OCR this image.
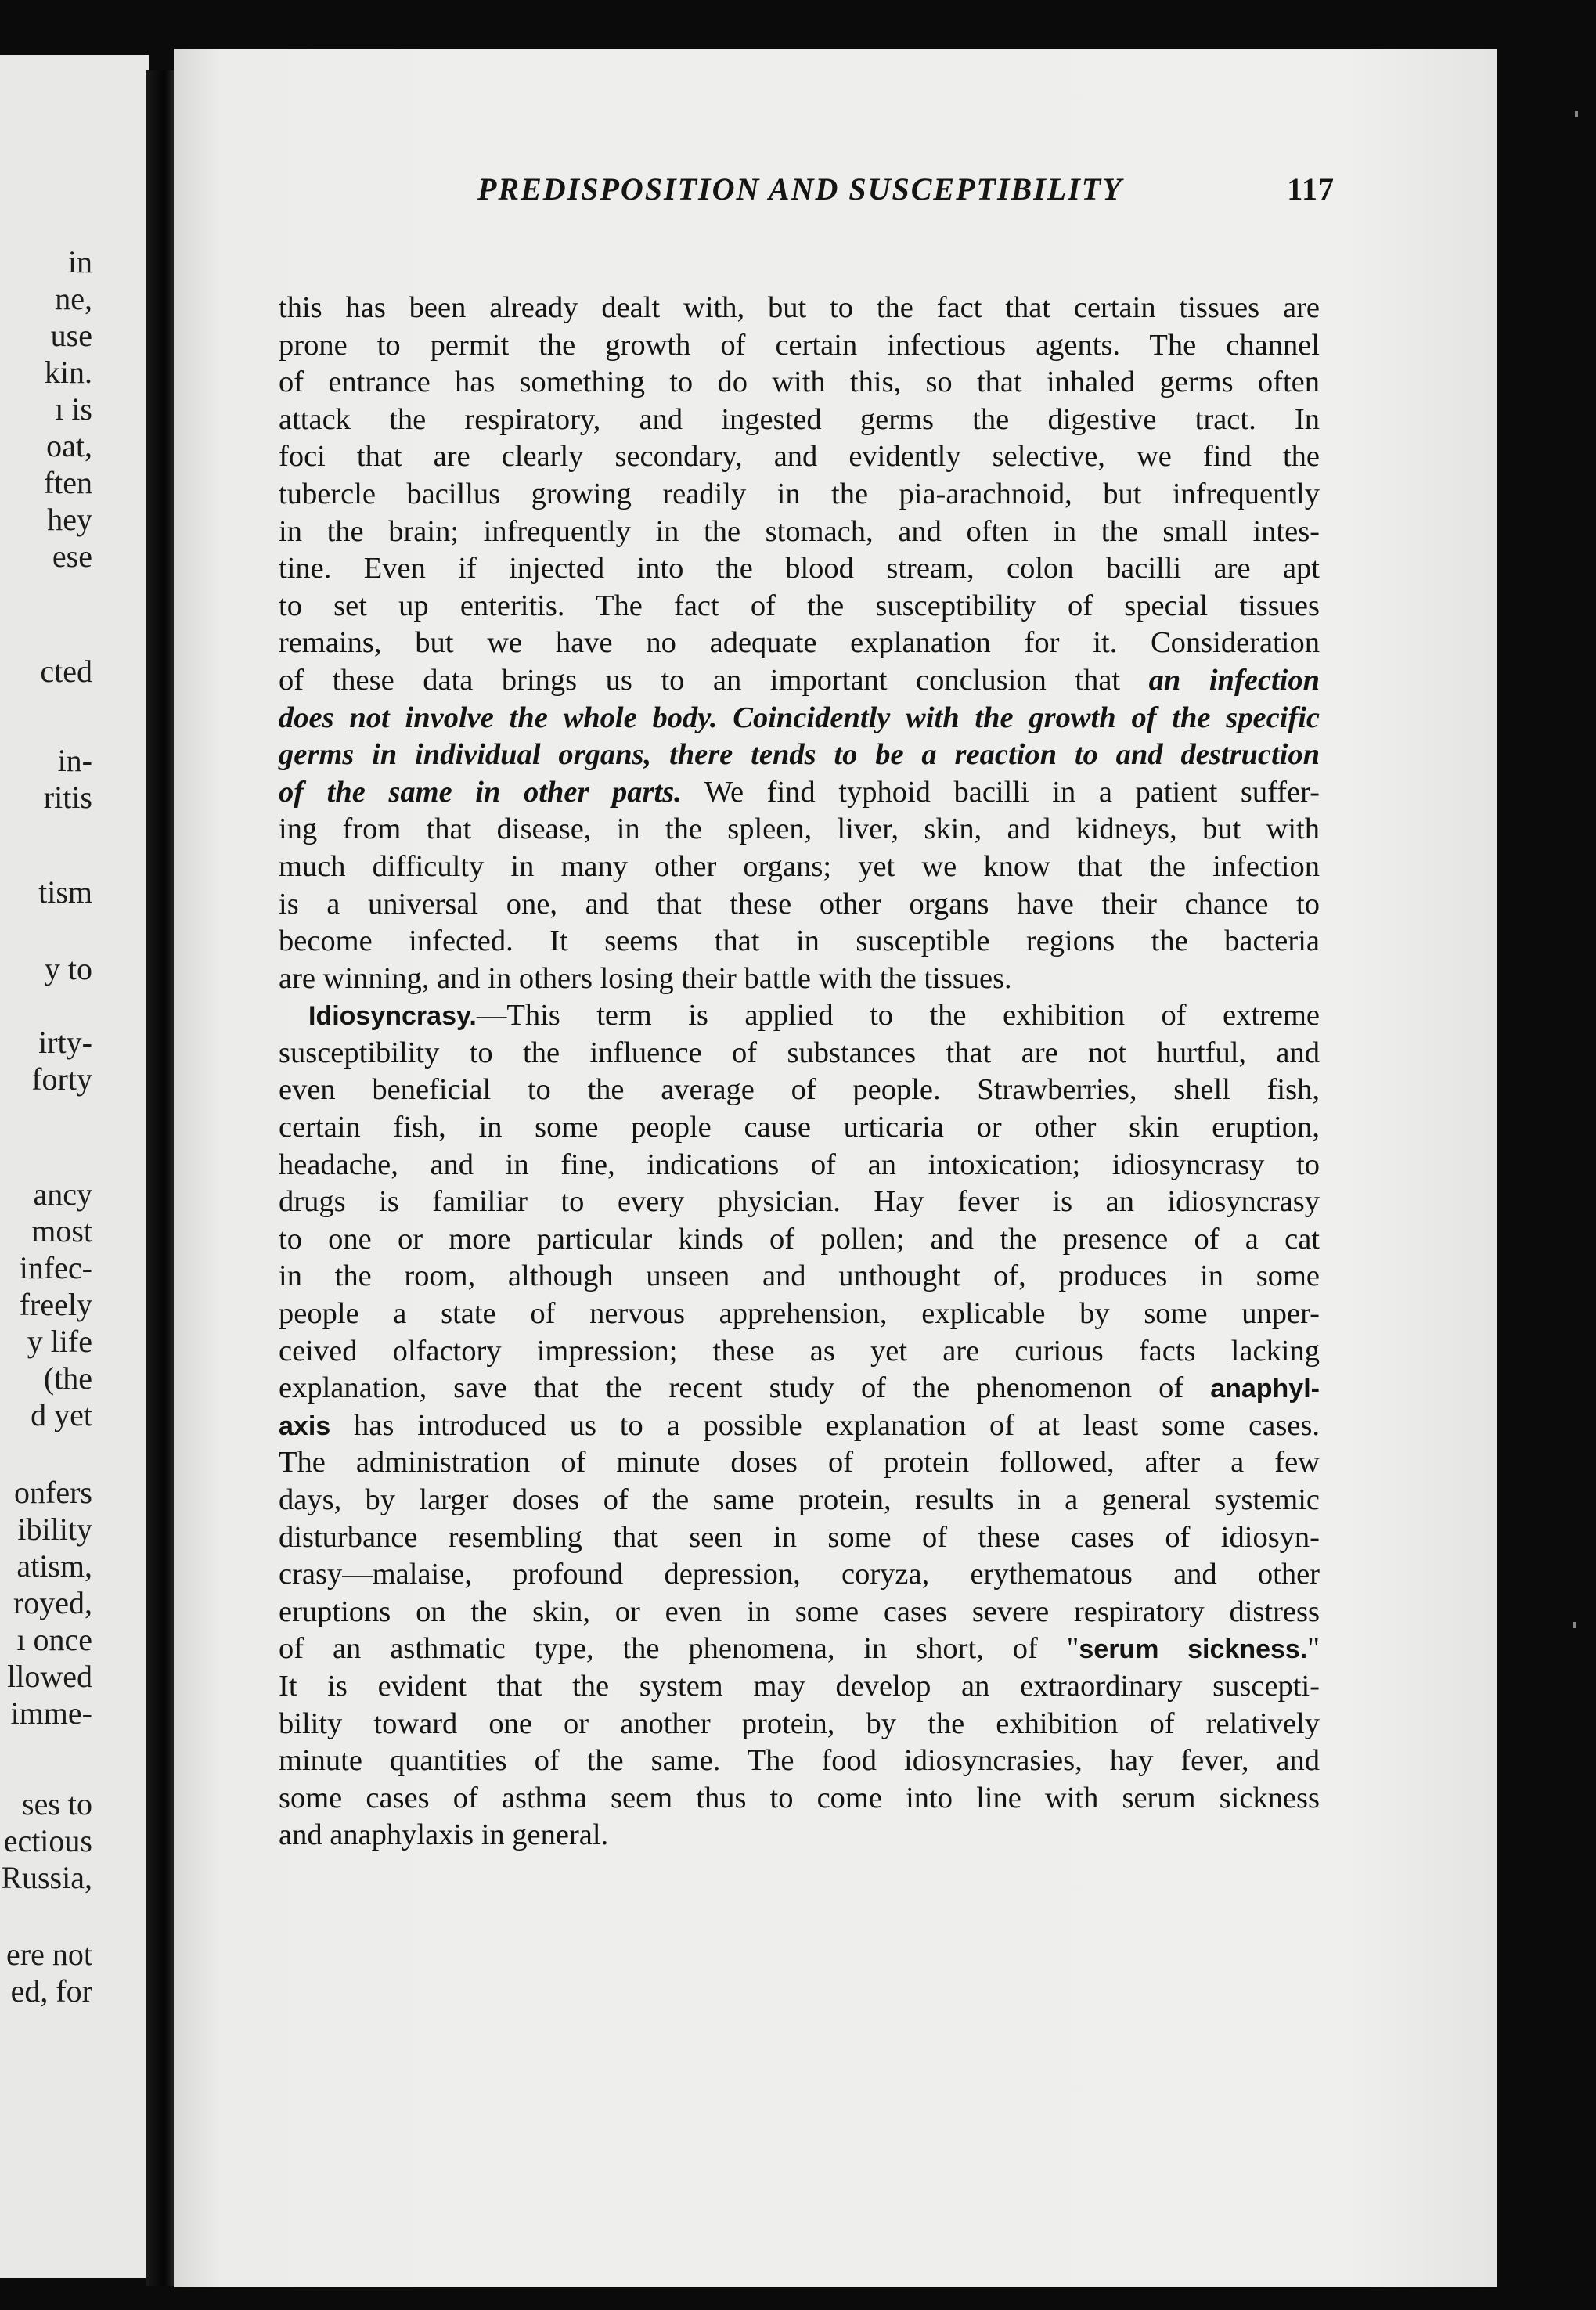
in
ne,
use
kin.
ı is
oat,
ften
hey
ese
cted
in-
ritis
tism
y to
irty-
forty
ancy
most
infec-
freely
y life
(the
d yet
onfers
ibility
atism,
royed,
ı once
llowed
imme-
ses to
ectious
Russia,
ere not
ed, for
PREDISPOSITION AND SUSCEPTIBILITY	117
this has been already dealt with, but to the fact that certain tissues are
prone to permit the growth of certain infectious agents. The channel
of entrance has something to do with this, so that inhaled germs often
attack the respiratory, and ingested germs the digestive tract. In
foci that are clearly secondary, and evidently selective, we find the
tubercle bacillus growing readily in the pia-arachnoid, but infrequently
in the brain; infrequently in the stomach, and often in the small intes-
tine. Even if injected into the blood stream, colon bacilli are apt
to set up enteritis. The fact of the susceptibility of special tissues
remains, but we have no adequate explanation for it. Consideration
of these data brings us to an important conclusion that an infection
does not involve the whole body. Coincidently with the growth of the specific
germs in individual organs, there tends to be a reaction to and destruction
of the same in other parts. We find typhoid bacilli in a patient suffer-
ing from that disease, in the spleen, liver, skin, and kidneys, but with
much difficulty in many other organs; yet we know that the infection
is a universal one, and that these other organs have their chance to
become infected. It seems that in susceptible regions the bacteria
are winning, and in others losing their battle with the tissues.
Idiosyncrasy.—This term is applied to the exhibition of extreme
susceptibility to the influence of substances that are not hurtful, and
even beneficial to the average of people. Strawberries, shell fish,
certain fish, in some people cause urticaria or other skin eruption,
headache, and in fine, indications of an intoxication; idiosyncrasy to
drugs is familiar to every physician. Hay fever is an idiosyncrasy
to one or more particular kinds of pollen; and the presence of a cat
in the room, although unseen and unthought of, produces in some
people a state of nervous apprehension, explicable by some unper-
ceived olfactory impression; these as yet are curious facts lacking
explanation, save that the recent study of the phenomenon of anaphyl-
axis has introduced us to a possible explanation of at least some cases.
The administration of minute doses of protein followed, after a few
days, by larger doses of the same protein, results in a general systemic
disturbance resembling that seen in some of these cases of idiosyn-
crasy—malaise, profound depression, coryza, erythematous and other
eruptions on the skin, or even in some cases severe respiratory distress
of an asthmatic type, the phenomena, in short, of "serum sickness."
It is evident that the system may develop an extraordinary suscepti-
bility toward one or another protein, by the exhibition of relatively
minute quantities of the same. The food idiosyncrasies, hay fever, and
some cases of asthma seem thus to come into line with serum sickness
and anaphylaxis in general.
